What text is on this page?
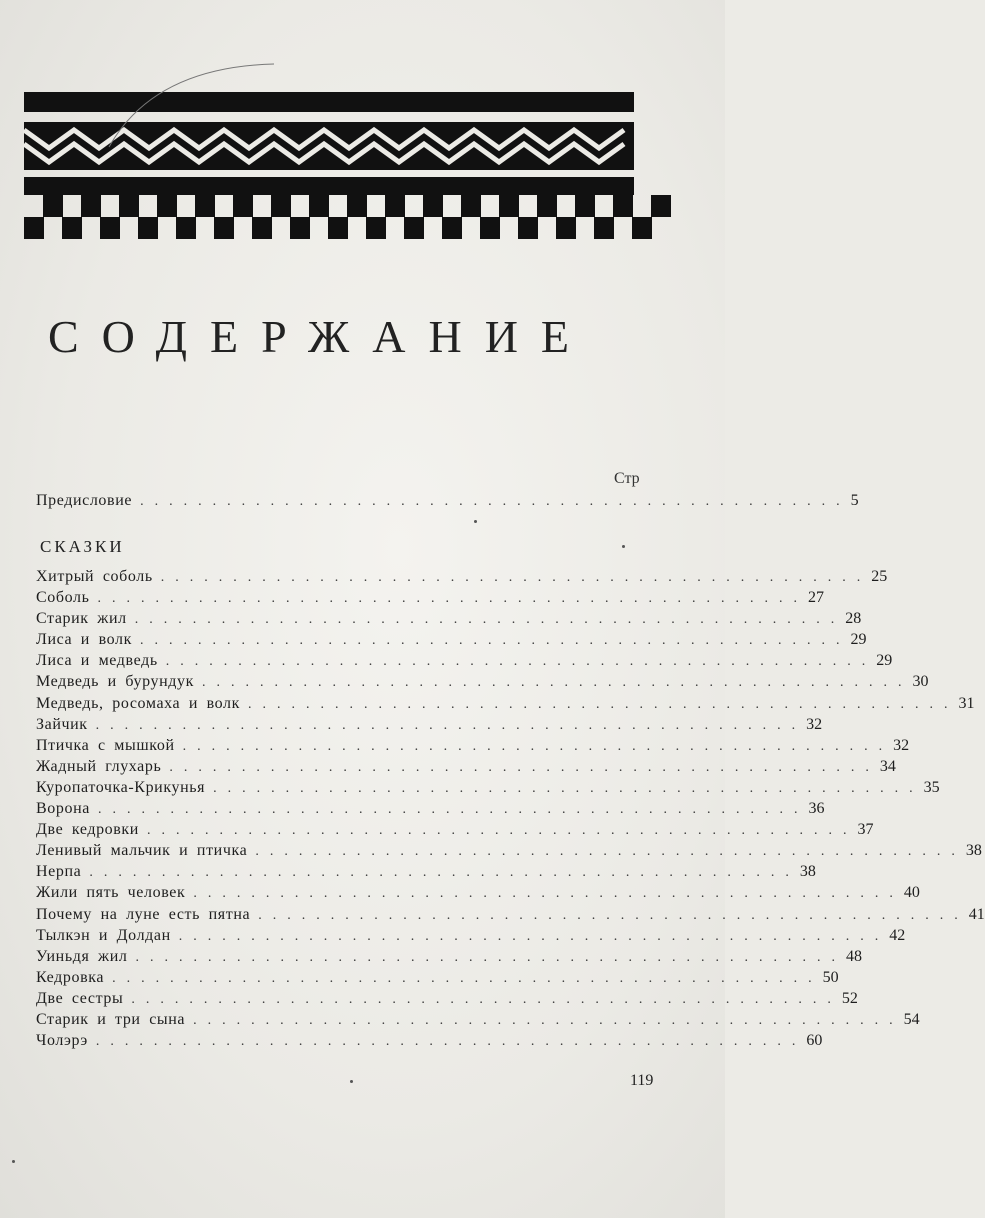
СОДЕРЖАНИЕ
Стр
Предисловие ................................................. 5
СКАЗКИ
Хитрый соболь ................................................. 25
Соболь ................................................. 27
Старик жил ................................................. 28
Лиса и волк ................................................. 29
Лиса и медведь ................................................. 29
Медведь и бурундук ................................................. 30
Медведь, росомаха и волк ................................................. 31
Зайчик ................................................. 32
Птичка с мышкой ................................................. 32
Жадный глухарь ................................................. 34
Куропаточка-Крикунья ................................................. 35
Ворона ................................................. 36
Две кедровки ................................................. 37
Ленивый мальчик и птичка ................................................. 38
Нерпа ................................................. 38
Жили пять человек ................................................. 40
Почему на луне есть пятна ................................................. 41
Тылкэн и Долдан ................................................. 42
Уиньдя жил ................................................. 48
Кедровка ................................................. 50
Две сестры ................................................. 52
Старик и три сына ................................................. 54
Чолэрэ ................................................. 60
119
